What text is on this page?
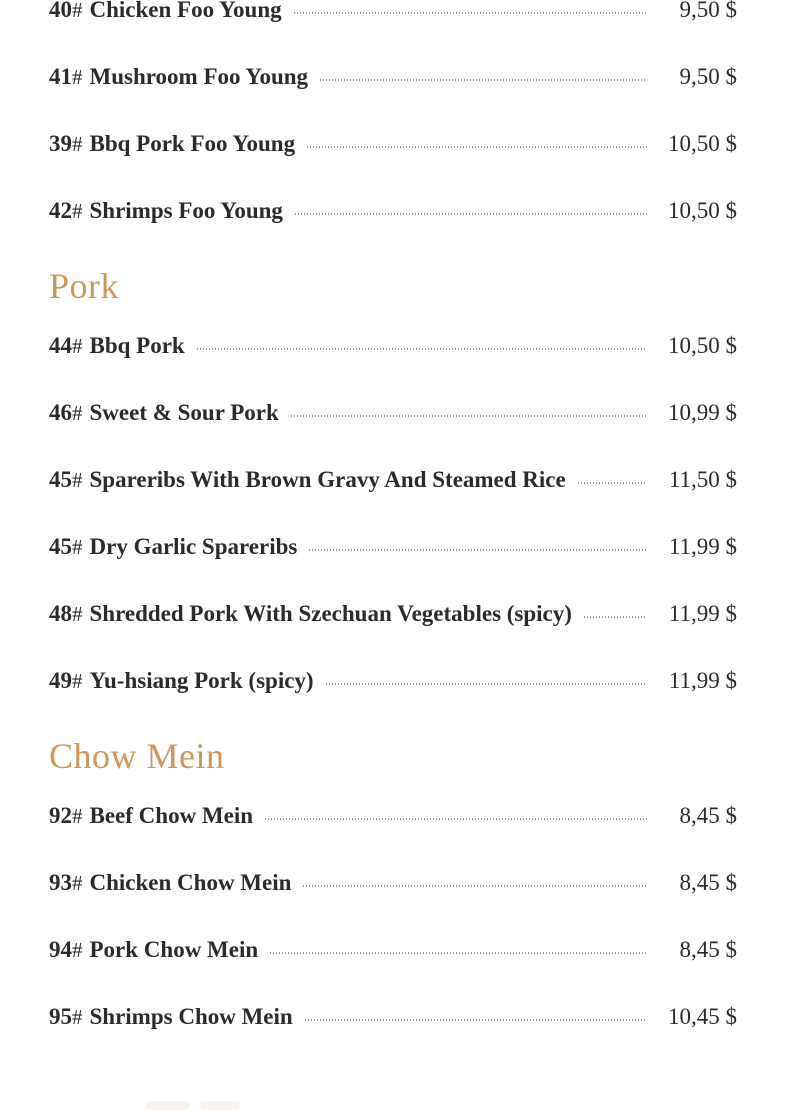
40# Chicken Foo Young	9,50 $
41# Mushroom Foo Young	9,50 $
39# Bbq Pork Foo Young	10,50 $
42# Shrimps Foo Young	10,50 $
Pork
44# Bbq Pork	10,50 $
46# Sweet & Sour Pork	10,99 $
45# Spareribs With Brown Gravy And Steamed Rice	11,50 $
45# Dry Garlic Spareribs	11,99 $
48# Shredded Pork With Szechuan Vegetables (spicy)	11,99 $
49# Yu-hsiang Pork (spicy)	11,99 $
Chow Mein
92# Beef Chow Mein	8,45 $
93# Chicken Chow Mein	8,45 $
94# Pork Chow Mein	8,45 $
95# Shrimps Chow Mein	10,45 $
